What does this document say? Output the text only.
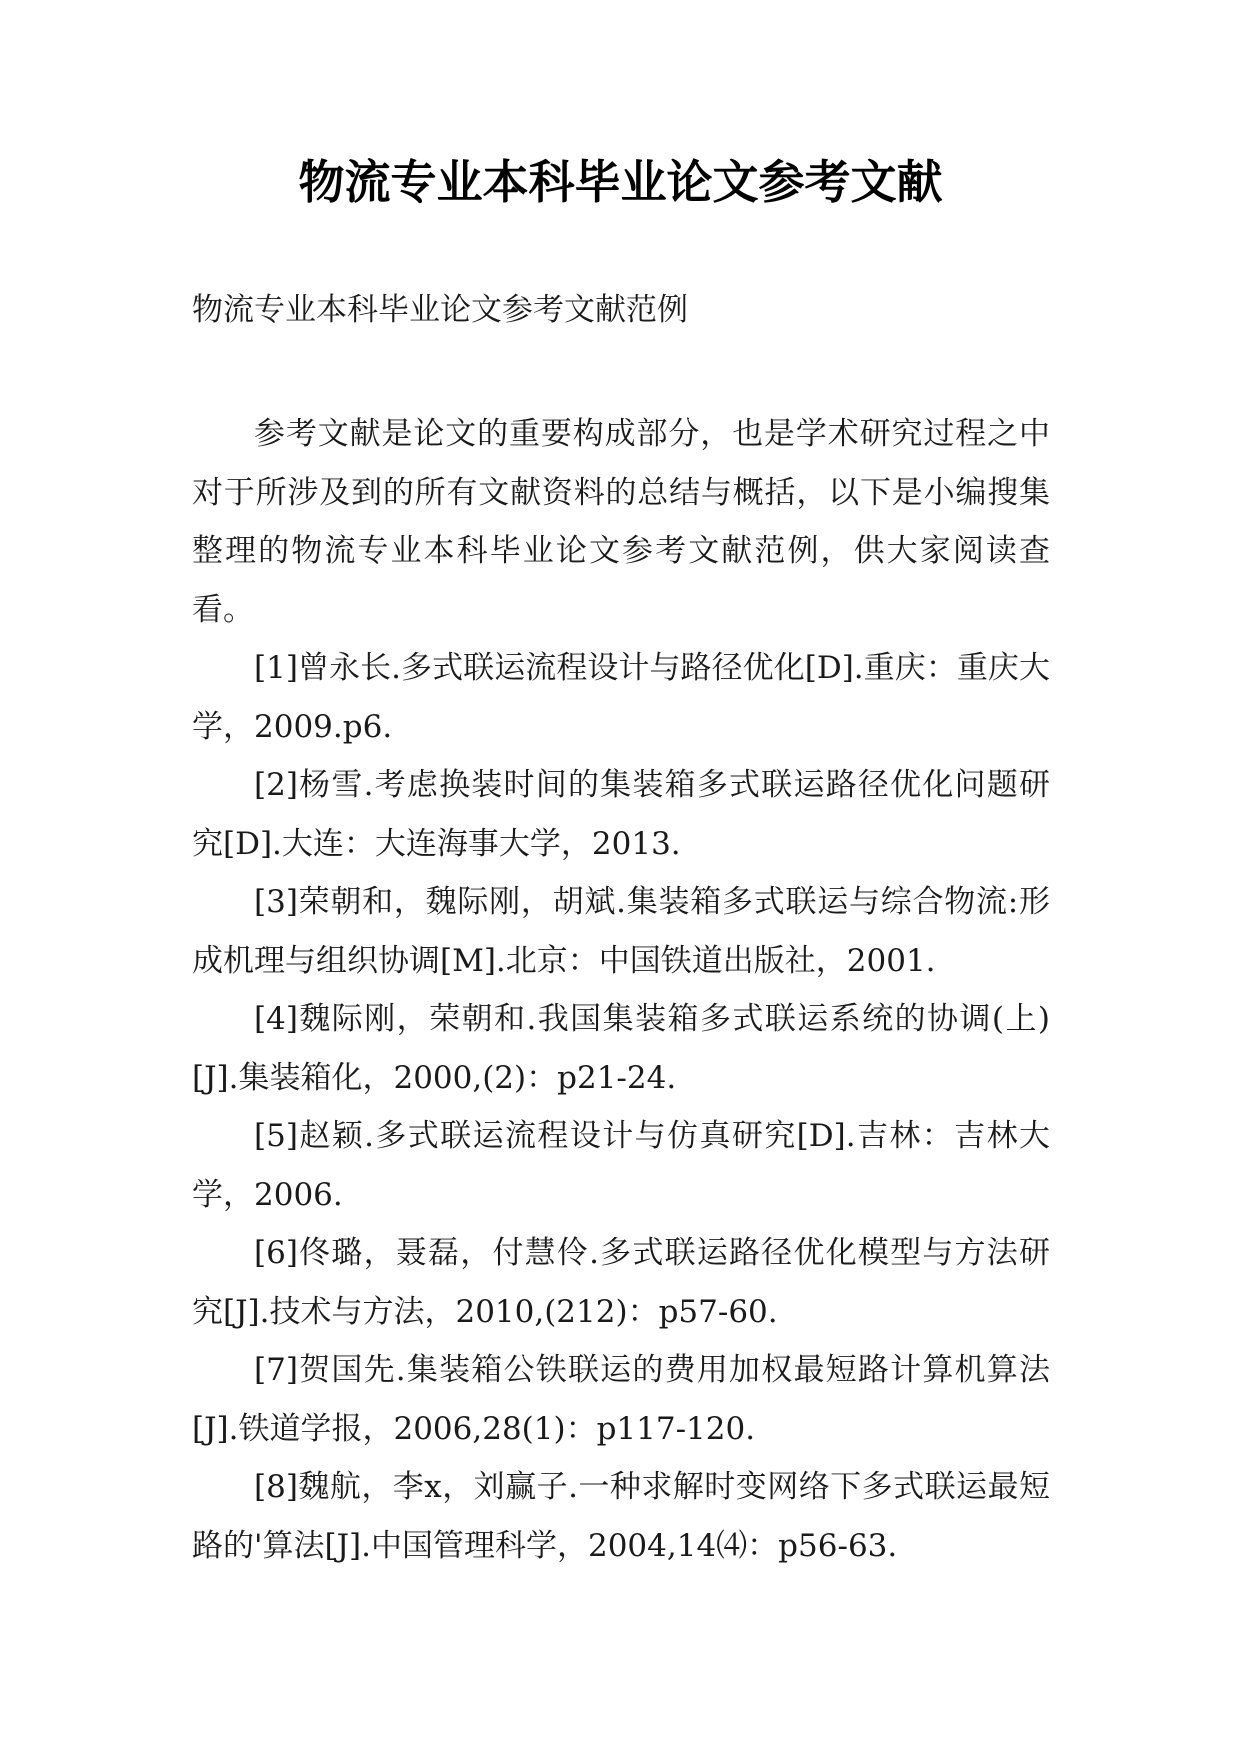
物流专业本科毕业论文参考文献

物流专业本科毕业论文参考文献范例

参考文献是论文的重要构成部分，也是学术研究过程之中对于所涉及到的所有文献资料的总结与概括，以下是小编搜集整理的物流专业本科毕业论文参考文献范例，供大家阅读查看。

[1]曾永长.多式联运流程设计与路径优化[D].重庆：重庆大学，2009.p6.

[2]杨雪.考虑换装时间的集装箱多式联运路径优化问题研究[D].大连：大连海事大学，2013.

[3]荣朝和，魏际刚，胡斌.集装箱多式联运与综合物流:形成机理与组织协调[M].北京：中国铁道出版社，2001.

[4]魏际刚，荣朝和.我国集装箱多式联运系统的协调(上)[J].集装箱化，2000,(2)：p21-24.

[5]赵颖.多式联运流程设计与仿真研究[D].吉林：吉林大学，2006.

[6]佟璐，聂磊，付慧伶.多式联运路径优化模型与方法研究[J].技术与方法，2010,(212)：p57-60.

[7]贺国先.集装箱公铁联运的费用加权最短路计算机算法[J].铁道学报，2006,28(1)：p117-120.

[8]魏航，李x，刘赢子.一种求解时变网络下多式联运最短路的'算法[J].中国管理科学，2004,14⑷：p56-63.
